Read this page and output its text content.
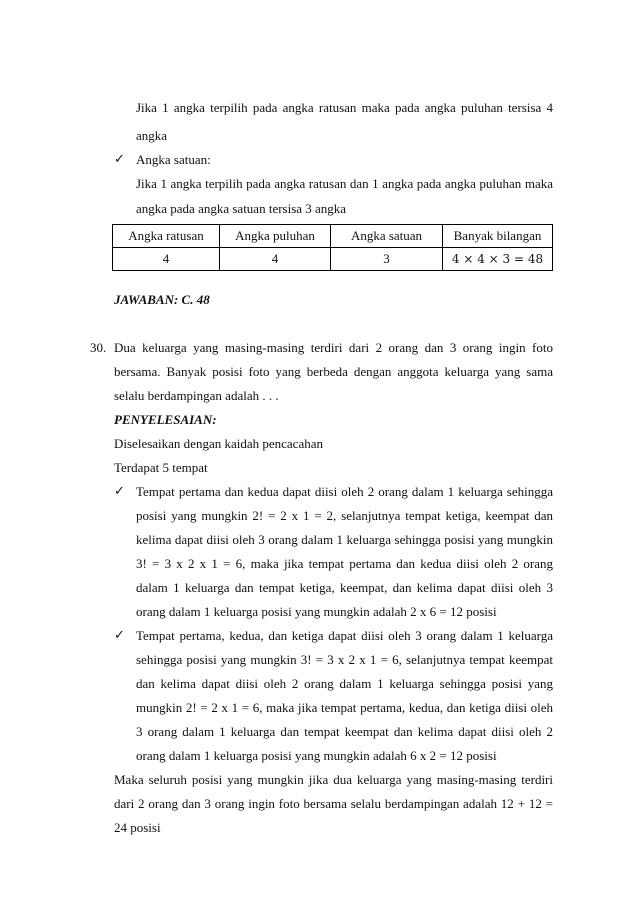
Jika 1 angka terpilih pada angka ratusan maka pada angka puluhan tersisa 4
angka
✓ Angka satuan:
Jika 1 angka terpilih pada angka ratusan dan 1 angka pada angka puluhan maka
angka pada angka satuan tersisa 3 angka
Angka ratusan	Angka puluhan	Angka satuan	Banyak bilangan
4	4	3	4 × 4 × 3 = 48
JAWABAN: C. 48
30. Dua keluarga yang masing-masing terdiri dari 2 orang dan 3 orang ingin foto
bersama. Banyak posisi foto yang berbeda dengan anggota keluarga yang sama
selalu berdampingan adalah . . .
PENYELESAIAN:
Diselesaikan dengan kaidah pencacahan
Terdapat 5 tempat
✓ Tempat pertama dan kedua dapat diisi oleh 2 orang dalam 1 keluarga sehingga
posisi yang mungkin 2! = 2 x 1 = 2, selanjutnya tempat ketiga, keempat dan
kelima dapat diisi oleh 3 orang dalam 1 keluarga sehingga posisi yang mungkin
3! = 3 x 2 x 1 = 6, maka jika tempat pertama dan kedua diisi oleh 2 orang
dalam 1 keluarga dan tempat ketiga, keempat, dan kelima dapat diisi oleh 3
orang dalam 1 keluarga posisi yang mungkin adalah 2 x 6 = 12 posisi
✓ Tempat pertama, kedua, dan ketiga dapat diisi oleh 3 orang dalam 1 keluarga
sehingga posisi yang mungkin 3! = 3 x 2 x 1 = 6, selanjutnya tempat keempat
dan kelima dapat diisi oleh 2 orang dalam 1 keluarga sehingga posisi yang
mungkin 2! = 2 x 1 = 6, maka jika tempat pertama, kedua, dan ketiga diisi oleh
3 orang dalam 1 keluarga dan tempat keempat dan kelima dapat diisi oleh 2
orang dalam 1 keluarga posisi yang mungkin adalah 6 x 2 = 12 posisi
Maka seluruh posisi yang mungkin jika dua keluarga yang masing-masing terdiri
dari 2 orang dan 3 orang ingin foto bersama selalu berdampingan adalah 12 + 12 =
24 posisi
